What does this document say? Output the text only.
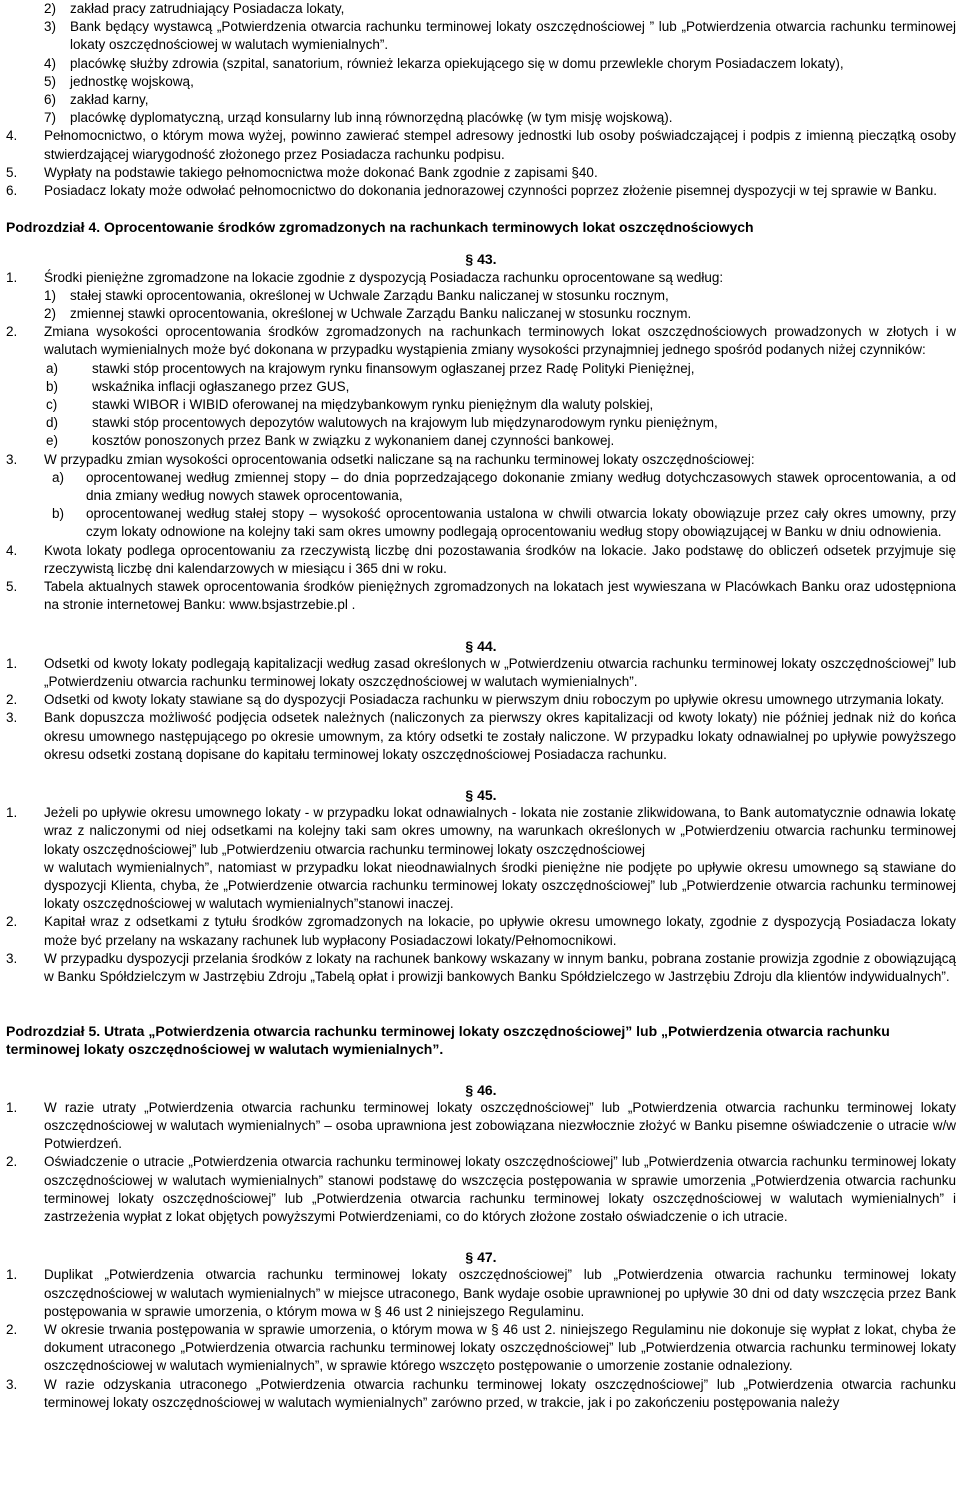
2)	zakład pracy zatrudniający Posiadacza lokaty,
3)	Bank będący wystawcą „Potwierdzenia otwarcia rachunku terminowej lokaty oszczędnościowej ” lub „Potwierdzenia otwarcia rachunku terminowej lokaty oszczędnościowej w walutach wymienialnych”.
4)	placówkę służby zdrowia (szpital, sanatorium, również lekarza opiekującego się w domu przewlekle chorym Posiadaczem lokaty),
5)	jednostkę wojskową,
6)	zakład karny,
7)	placówkę dyplomatyczną, urząd konsularny lub inną równorzędną placówkę (w tym misję wojskową).
4.	Pełnomocnictwo, o którym mowa wyżej, powinno zawierać stempel adresowy jednostki lub osoby poświadczającej i podpis z imienną pieczątką osoby stwierdzającej wiarygodność złożonego przez Posiadacza rachunku podpisu.
5.	Wypłaty na podstawie takiego pełnomocnictwa może dokonać Bank zgodnie z zapisami §40.
6.	Posiadacz lokaty może odwołać pełnomocnictwo do dokonania jednorazowej czynności poprzez złożenie pisemnej dyspozycji w tej sprawie w Banku.
Podrozdział 4. Oprocentowanie środków zgromadzonych na rachunkach terminowych lokat oszczędnościowych
§ 43.
1.	Środki pieniężne zgromadzone na lokacie zgodnie z dyspozycją Posiadacza rachunku oprocentowane są według:
1)	stałej stawki oprocentowania, określonej w Uchwale Zarządu Banku naliczanej w stosunku rocznym,
2)	zmiennej stawki oprocentowania, określonej w Uchwale Zarządu Banku naliczanej w stosunku rocznym.
2.	Zmiana wysokości oprocentowania środków zgromadzonych na rachunkach terminowych lokat oszczędnościowych prowadzonych w złotych i w walutach wymienialnych może być dokonana w przypadku wystąpienia zmiany wysokości przynajmniej jednego spośród podanych niżej czynników:
a)	stawki stóp procentowych na krajowym rynku finansowym ogłaszanej przez Radę Polityki Pieniężnej,
b)	wskaźnika inflacji ogłaszanego przez GUS,
c)	stawki WIBOR i WIBID oferowanej na międzybankowym rynku pieniężnym dla waluty polskiej,
d)	stawki stóp procentowych depozytów walutowych na krajowym lub międzynarodowym rynku pieniężnym,
e)	kosztów ponoszonych przez Bank w związku z wykonaniem danej czynności bankowej.
3.	W przypadku zmian wysokości oprocentowania odsetki naliczane są na rachunku terminowej lokaty oszczędnościowej:
a)	oprocentowanej według zmiennej stopy – do dnia poprzedzającego dokonanie zmiany według dotychczasowych stawek oprocentowania, a od dnia zmiany według nowych stawek oprocentowania,
b)	oprocentowanej według stałej stopy – wysokość oprocentowania ustalona w chwili otwarcia lokaty obowiązuje przez cały okres umowny, przy czym lokaty odnowione na kolejny taki sam okres umowny podlegają oprocentowaniu według stopy obowiązującej w Banku w dniu odnowienia.
4.	Kwota lokaty podlega oprocentowaniu za rzeczywistą liczbę dni pozostawania środków na lokacie. Jako podstawę do obliczeń odsetek przyjmuje się rzeczywistą liczbę dni kalendarzowych w miesiącu i 365 dni w roku.
5.	Tabela aktualnych stawek oprocentowania środków pieniężnych zgromadzonych na lokatach jest wywieszana w Placówkach Banku oraz udostępniona na stronie internetowej Banku: www.bsjastrzebie.pl .
§ 44.
1.	Odsetki od kwoty lokaty podlegają kapitalizacji według zasad określonych w „Potwierdzeniu otwarcia rachunku terminowej lokaty oszczędnościowej” lub „Potwierdzeniu otwarcia rachunku terminowej lokaty oszczędnościowej w walutach wymienialnych”.
2.	Odsetki od kwoty lokaty stawiane są do dyspozycji Posiadacza rachunku w pierwszym dniu roboczym po upływie okresu umownego utrzymania lokaty.
3.	Bank dopuszcza możliwość podjęcia odsetek należnych (naliczonych za pierwszy okres kapitalizacji od kwoty lokaty) nie później jednak niż do końca okresu umownego następującego po okresie umownym, za który odsetki te zostały naliczone. W przypadku lokaty odnawialnej po upływie powyższego okresu odsetki zostaną dopisane do kapitału terminowej lokaty oszczędnościowej Posiadacza rachunku.
§ 45.
1.	Jeżeli po upływie okresu umownego lokaty - w przypadku lokat odnawialnych - lokata nie zostanie zlikwidowana, to Bank automatycznie odnawia lokatę wraz z naliczonymi od niej odsetkami na kolejny taki sam okres umowny, na warunkach określonych w „Potwierdzeniu otwarcia rachunku terminowej lokaty oszczędnościowej” lub „Potwierdzeniu otwarcia rachunku terminowej lokaty oszczędnościowej
w walutach wymienialnych”, natomiast w przypadku lokat nieodnawialnych środki pieniężne nie podjęte po upływie okresu umownego są stawiane do dyspozycji Klienta, chyba, że „Potwierdzenie otwarcia rachunku terminowej lokaty oszczędnościowej” lub „Potwierdzenie otwarcia rachunku terminowej lokaty oszczędnościowej w walutach wymienialnych”stanowi inaczej.
2.	Kapitał wraz z odsetkami z tytułu środków zgromadzonych na lokacie, po upływie okresu umownego lokaty, zgodnie z dyspozycją Posiadacza lokaty może być przelany na wskazany rachunek lub wypłacony Posiadaczowi lokaty/Pełnomocnikowi.
3.	W przypadku dyspozycji przelania środków z lokaty na rachunek bankowy wskazany w innym banku, pobrana zostanie prowizja zgodnie z obowiązującą w Banku Spółdzielczym w Jastrzębiu Zdroju „Tabelą opłat i prowizji bankowych Banku Spółdzielczego w Jastrzębiu Zdroju dla klientów indywidualnych”.
Podrozdział 5. Utrata „Potwierdzenia otwarcia rachunku terminowej lokaty oszczędnościowej” lub „Potwierdzenia otwarcia rachunku terminowej lokaty oszczędnościowej w walutach wymienialnych”.
§ 46.
1.	W razie utraty „Potwierdzenia otwarcia rachunku terminowej lokaty oszczędnościowej” lub „Potwierdzenia otwarcia rachunku terminowej lokaty oszczędnościowej w walutach wymienialnych” – osoba uprawniona jest zobowiązana niezwłocznie złożyć w Banku pisemne oświadczenie o utracie w/w Potwierdzeń.
2.	Oświadczenie o utracie „Potwierdzenia otwarcia rachunku terminowej lokaty oszczędnościowej” lub „Potwierdzenia otwarcia rachunku terminowej lokaty oszczędnościowej w walutach wymienialnych” stanowi podstawę do wszczęcia postępowania w sprawie umorzenia „Potwierdzenia otwarcia rachunku terminowej lokaty oszczędnościowej” lub „Potwierdzenia otwarcia rachunku terminowej lokaty oszczędnościowej w walutach wymienialnych” i zastrzeżenia wypłat z lokat objętych powyższymi Potwierdzeniami, co do których złożone zostało oświadczenie o ich utracie.
§ 47.
1.	Duplikat „Potwierdzenia otwarcia rachunku terminowej lokaty oszczędnościowej” lub „Potwierdzenia otwarcia rachunku terminowej lokaty oszczędnościowej w walutach wymienialnych” w miejsce utraconego, Bank wydaje osobie uprawnionej po upływie 30 dni od daty wszczęcia przez Bank postępowania w sprawie umorzenia, o którym mowa w § 46 ust 2 niniejszego Regulaminu.
2.	W okresie trwania postępowania w sprawie umorzenia, o którym mowa w § 46 ust 2. niniejszego Regulaminu nie dokonuje się wypłat z lokat, chyba że dokument utraconego „Potwierdzenia otwarcia rachunku terminowej lokaty oszczędnościowej” lub „Potwierdzenia otwarcia rachunku terminowej lokaty oszczędnościowej w walutach wymienialnych”, w sprawie którego wszczęto postępowanie o umorzenie zostanie odnaleziony.
3.	W razie odzyskania utraconego „Potwierdzenia otwarcia rachunku terminowej lokaty oszczędnościowej” lub „Potwierdzenia otwarcia rachunku terminowej lokaty oszczędnościowej w walutach wymienialnych” zarówno przed, w trakcie, jak i po zakończeniu postępowania należy
